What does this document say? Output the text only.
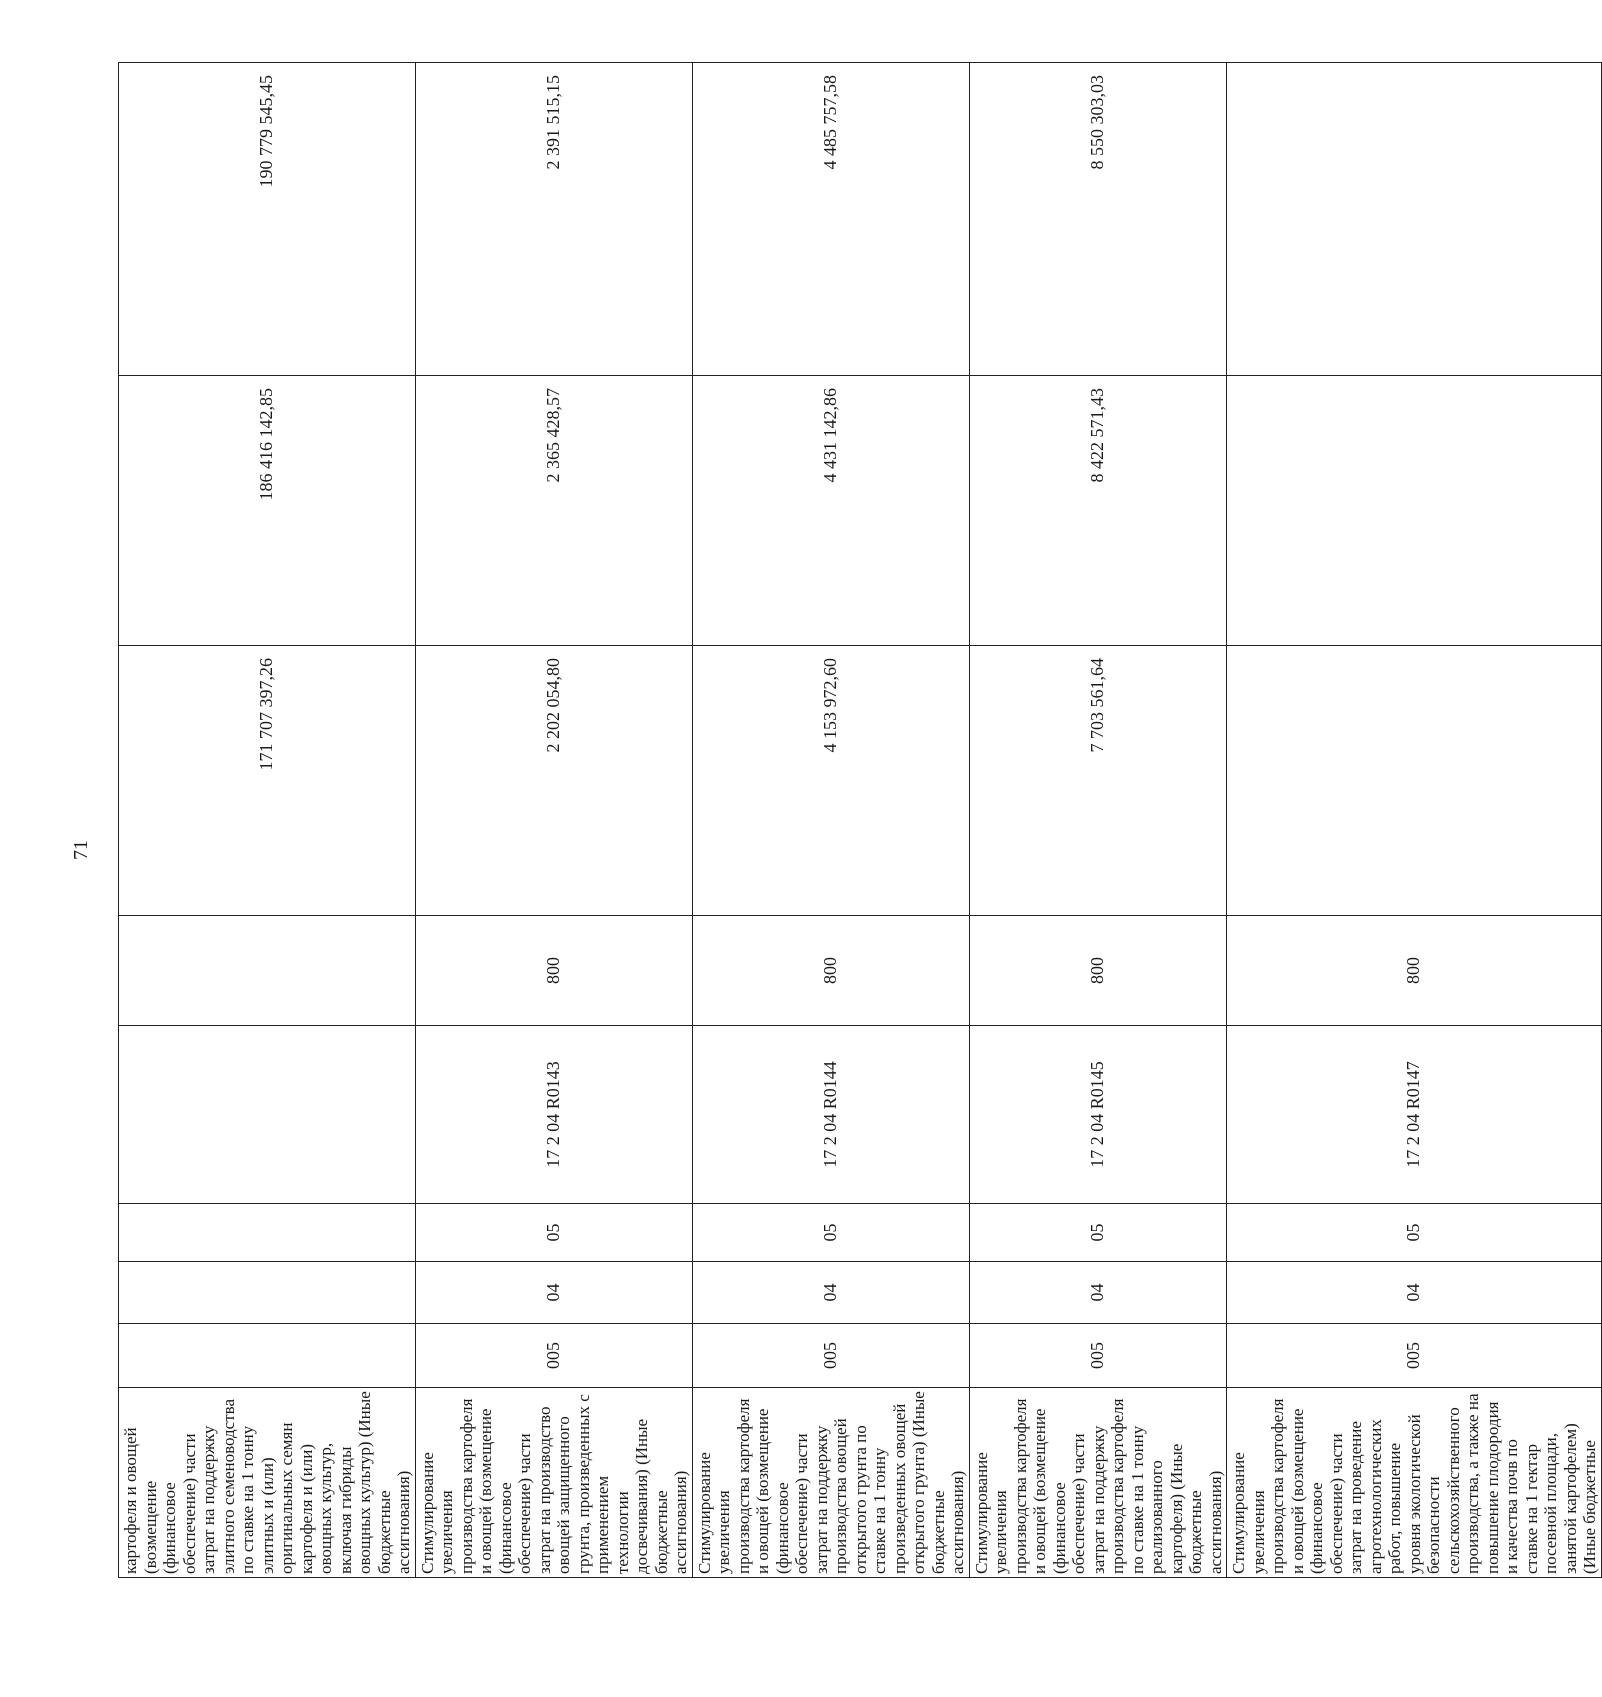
71
картофеля и овощей (возмещение (финансовое обеспечение) части затрат на поддержку элитного семеноводства по ставке на 1 тонну элитных и (или) оригинальных семян картофеля и (или) овощных культур, включая гибриды овощных культур) (Иные бюджетные ассигнования)						171 707 397,26	186 416 142,85	190 779 545,45
Стимулирование увеличения производства картофеля и овощей (возмещение (финансовое обеспечение) части затрат на производство овощей защищенного грунта, произведенных с применением технологии досвечивания) (Иные бюджетные ассигнования)	005	04	05	17 2 04 R0143	800	2 202 054,80	2 365 428,57	2 391 515,15
Стимулирование увеличения производства картофеля и овощей (возмещение (финансовое обеспечение) части затрат на поддержку производства овощей открытого грунта по ставке на 1 тонну произведенных овощей открытого грунта) (Иные бюджетные ассигнования)	005	04	05	17 2 04 R0144	800	4 153 972,60	4 431 142,86	4 485 757,58
Стимулирование увеличения производства картофеля и овощей (возмещение (финансовое обеспечение) части затрат на поддержку производства картофеля по ставке на 1 тонну реализованного картофеля) (Иные бюджетные ассигнования)	005	04	05	17 2 04 R0145	800	7 703 561,64	8 422 571,43	8 550 303,03
Стимулирование увеличения производства картофеля и овощей (возмещение (финансовое обеспечение) части затрат на проведение агротехнологических работ, повышение уровня экологической безопасности сельскохозяйственного производства, а также на повышение плодородия и качества почв по ставке на 1 гектар посевной площади, занятой картофелем) (Иные бюджетные	005	04	05	17 2 04 R0147	800			
